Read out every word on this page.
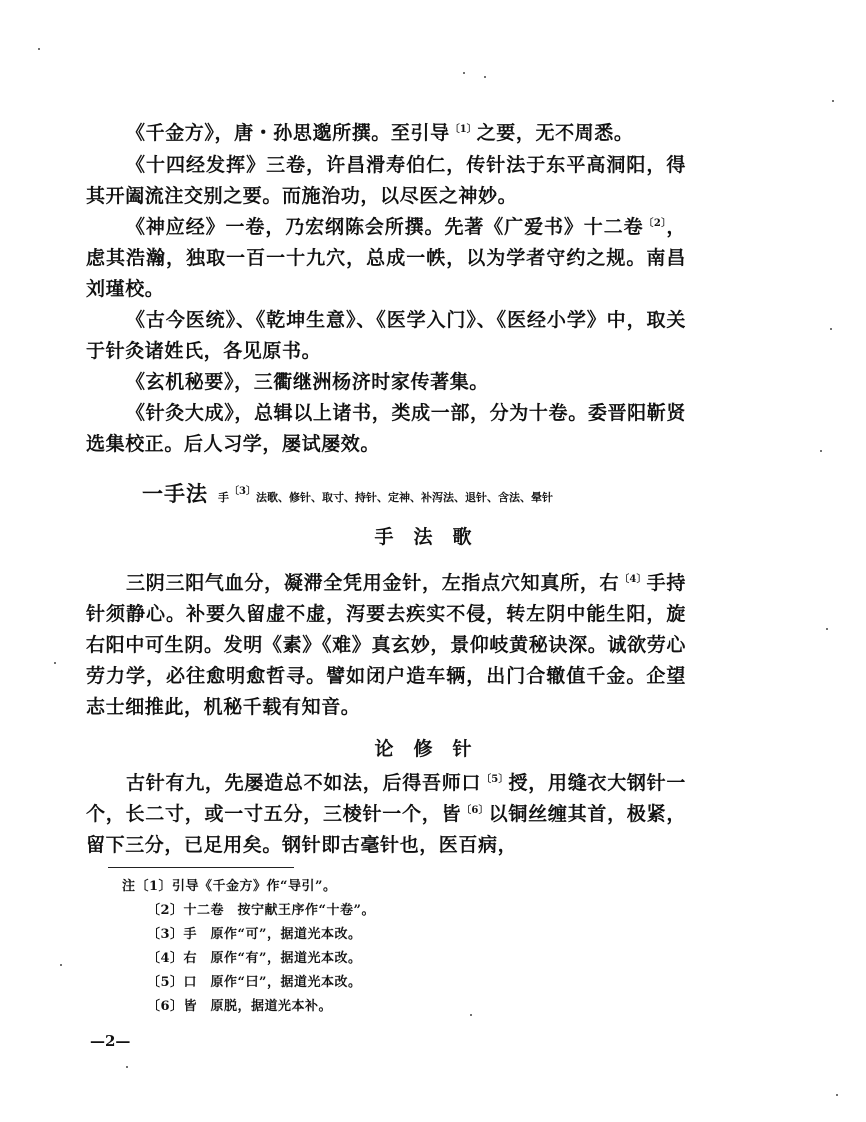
《千金方》，唐・孙思邈所撰。至引导$^{〔1〕}$之要，无不周悉。

《十四经发挥》三卷，许昌滑寿伯仁，传针法于东平高洞阳，得其开阖流注交别之要。而施治功，以尽医之神妙。

《神应经》一卷，乃宏纲陈会所撰。先著《广爱书》十二卷$^{〔2〕}$，虑其浩瀚，独取一百一十九穴，总成一帙，以为学者守约之规。南昌刘瑾校。

《古今医统》、《乾坤生意》、《医学入门》、《医经小学》中，取关于针灸诸姓氏，各见原书。

《玄机秘要》，三衢继洲杨济时家传著集。

《针灸大成》，总辑以上诸书，类成一部，分为十卷。委晋阳靳贤选集校正。后人习学，屡试屡效。

一手法 手$^{〔3〕}$法歌、修针、取寸、持针、定神、补泻法、退针、含法、晕针

手法歌

三阴三阳气血分，凝滞全凭用金针，左指点穴知真所，右$^{〔4〕}$手持针须静心。补要久留虚不虚，泻要去疾实不侵，转左阴中能生阳，旋右阳中可生阴。发明《素》《难》真玄妙，景仰岐黄秘诀深。诚欲劳心劳力学，必往愈明愈哲寻。譬如闭户造车辆，出门合辙值千金。企望志士细推此，机秘千载有知音。

论修针

古针有九，先屡造总不如法，后得吾师口$^{〔5〕}$授，用缝衣大钢针一个，长二寸，或一寸五分，三棱针一个，皆$^{〔6〕}$以铜丝缠其首，极紧，留下三分，已足用矣。钢针即古毫针也，医百病，

注〔1〕引导《千金方》作“导引”。
〔2〕十二卷　按宁献王序作“十卷”。
〔3〕手　原作“可”，据道光本改。
〔4〕右　原作“有”，据道光本改。
〔5〕口　原作“曰”，据道光本改。
〔6〕皆　原脱，据道光本补。

—2—
